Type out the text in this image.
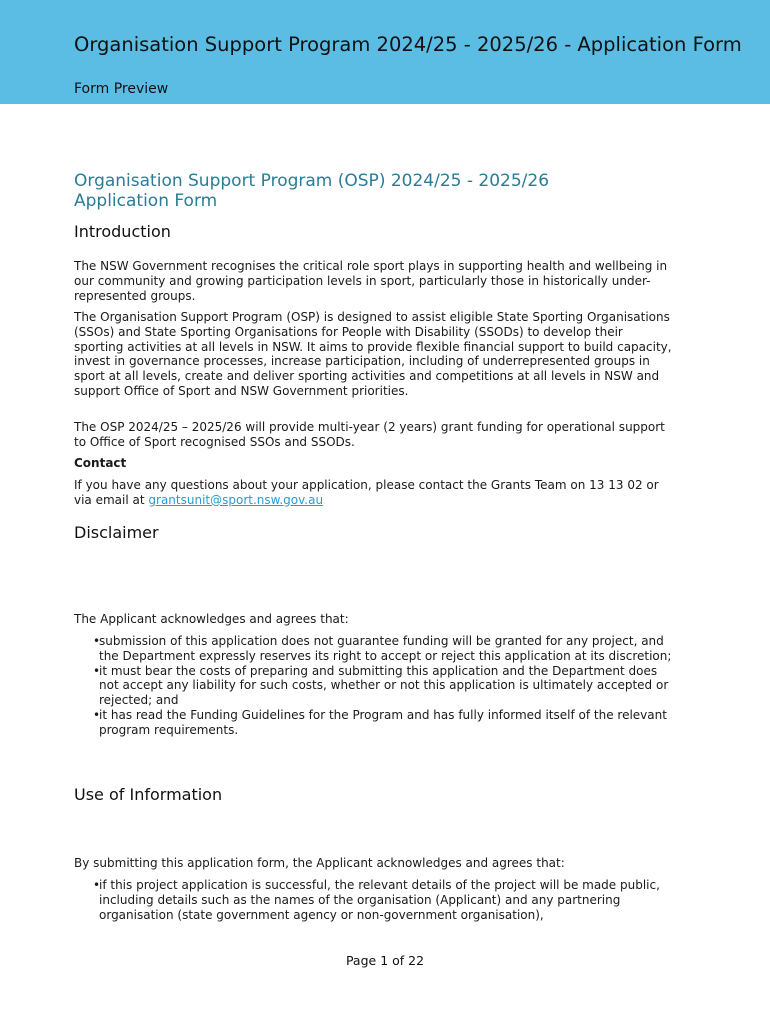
Organisation Support Program 2024/25 - 2025/26 - Application Form
Form Preview
Organisation Support Program (OSP) 2024/25 - 2025/26 Application Form
Introduction

The NSW Government recognises the critical role sport plays in supporting health and wellbeing in our community and growing participation levels in sport, particularly those in historically under-represented groups.

The Organisation Support Program (OSP) is designed to assist eligible State Sporting Organisations (SSOs) and State Sporting Organisations for People with Disability (SSODs) to develop their sporting activities at all levels in NSW. It aims to provide flexible financial support to build capacity, invest in governance processes, increase participation, including of underrepresented groups in sport at all levels, create and deliver sporting activities and competitions at all levels in NSW and support Office of Sport and NSW Government priorities.

The OSP 2024/25 – 2025/26 will provide multi-year (2 years) grant funding for operational support to Office of Sport recognised SSOs and SSODs.

Contact

If you have any questions about your application, please contact the Grants Team on 13 13 02 or via email at grantsunit@sport.nsw.gov.au

Disclaimer

The Applicant acknowledges and agrees that:

•
submission of this application does not guarantee funding will be granted for any project, and the Department expressly reserves its right to accept or reject this application at its discretion;
•
it must bear the costs of preparing and submitting this application and the Department does not accept any liability for such costs, whether or not this application is ultimately accepted or rejected; and
•
it has read the Funding Guidelines for the Program and has fully informed itself of the relevant program requirements.
Use of Information

By submitting this application form, the Applicant acknowledges and agrees that:

•
if this project application is successful, the relevant details of the project will be made public, including details such as the names of the organisation (Applicant) and any partnering organisation (state government agency or non-government organisation),
Page 1 of 22
